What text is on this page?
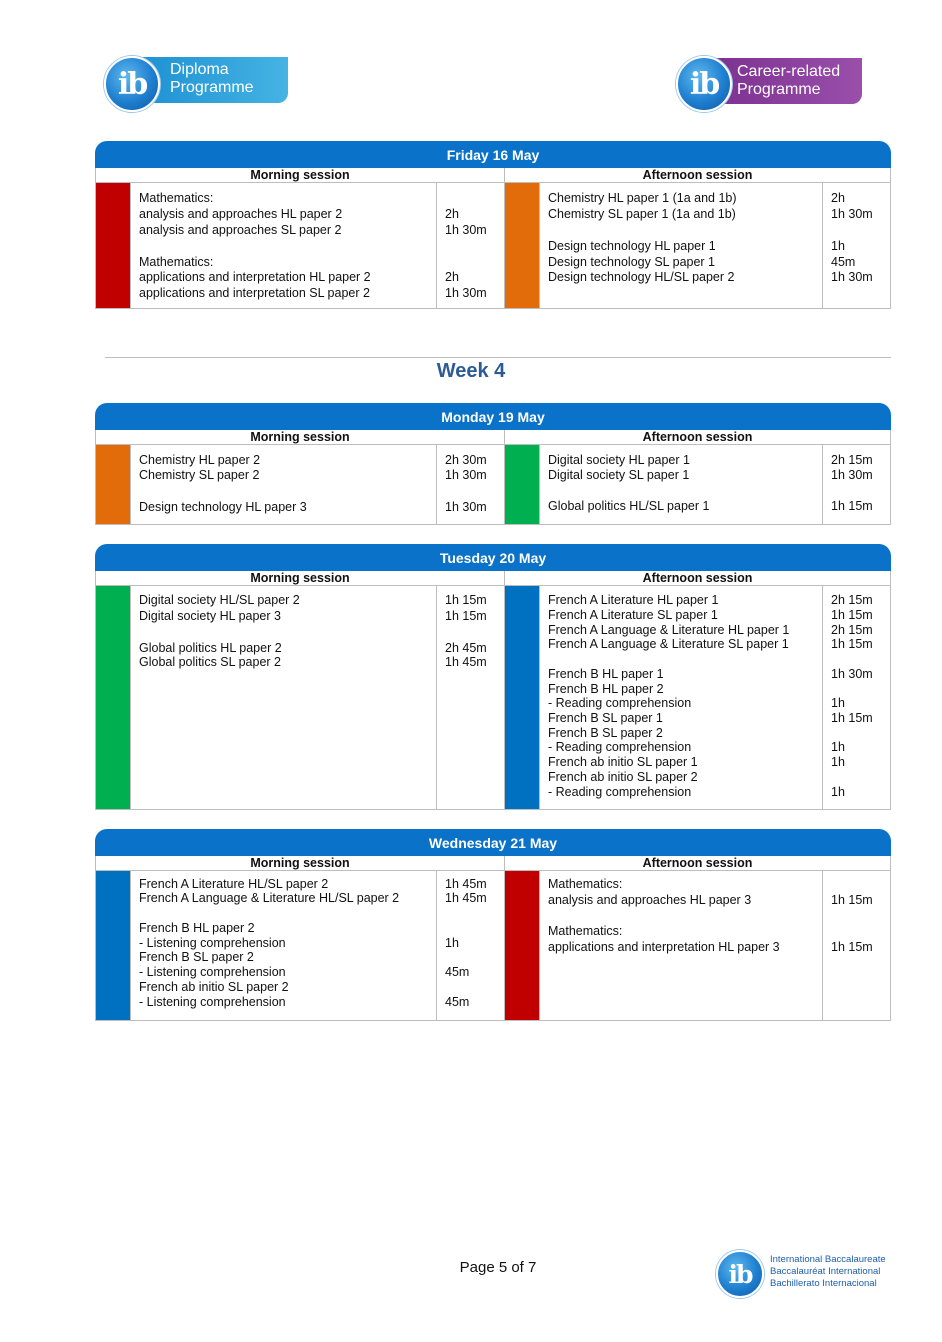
ib	Diploma
Programme	ib	Career-related
Programme
Friday 16 May
Morning session	Afternoon session
Mathematics:
analysis and approaches HL paper 2	2h
analysis and approaches SL paper 2	1h 30m
Mathematics:
applications and interpretation HL paper 2	2h
applications and interpretation SL paper 2	1h 30m
Chemistry HL paper 1 (1a and 1b)	2h
Chemistry SL paper 1 (1a and 1b)	1h 30m
Design technology HL paper 1	1h
Design technology SL paper 1	45m
Design technology HL/SL paper 2	1h 30m
Week 4
Monday 19 May
Morning session	Afternoon session
Chemistry HL paper 2	2h 30m
Chemistry SL paper 2	1h 30m
Design technology HL paper 3	1h 30m
Digital society HL paper 1	2h 15m
Digital society SL paper 1	1h 30m
Global politics HL/SL paper 1	1h 15m
Tuesday 20 May
Morning session	Afternoon session
Digital society HL/SL paper 2	1h 15m
Digital society HL paper 3	1h 15m
Global politics HL paper 2	2h 45m
Global politics SL paper 2	1h 45m
French A Literature HL paper 1	2h 15m
French A Literature SL paper 1	1h 15m
French A Language & Literature HL paper 1	2h 15m
French A Language & Literature SL paper 1	1h 15m
French B HL paper 1	1h 30m
French B HL paper 2
- Reading comprehension	1h
French B SL paper 1	1h 15m
French B SL paper 2
- Reading comprehension	1h
French ab initio SL paper 1	1h
French ab initio SL paper 2
- Reading comprehension	1h
Wednesday 21 May
Morning session	Afternoon session
French A Literature HL/SL paper 2	1h 45m
French A Language & Literature HL/SL paper 2	1h 45m
French B HL paper 2
- Listening comprehension	1h
French B SL paper 2
- Listening comprehension	45m
French ab initio SL paper 2
- Listening comprehension	45m
Mathematics:
analysis and approaches HL paper 3	1h 15m
Mathematics:
applications and interpretation HL paper 3	1h 15m
Page 5 of 7	ib	International Baccalaureate
Baccalauréat International
Bachillerato Internacional
